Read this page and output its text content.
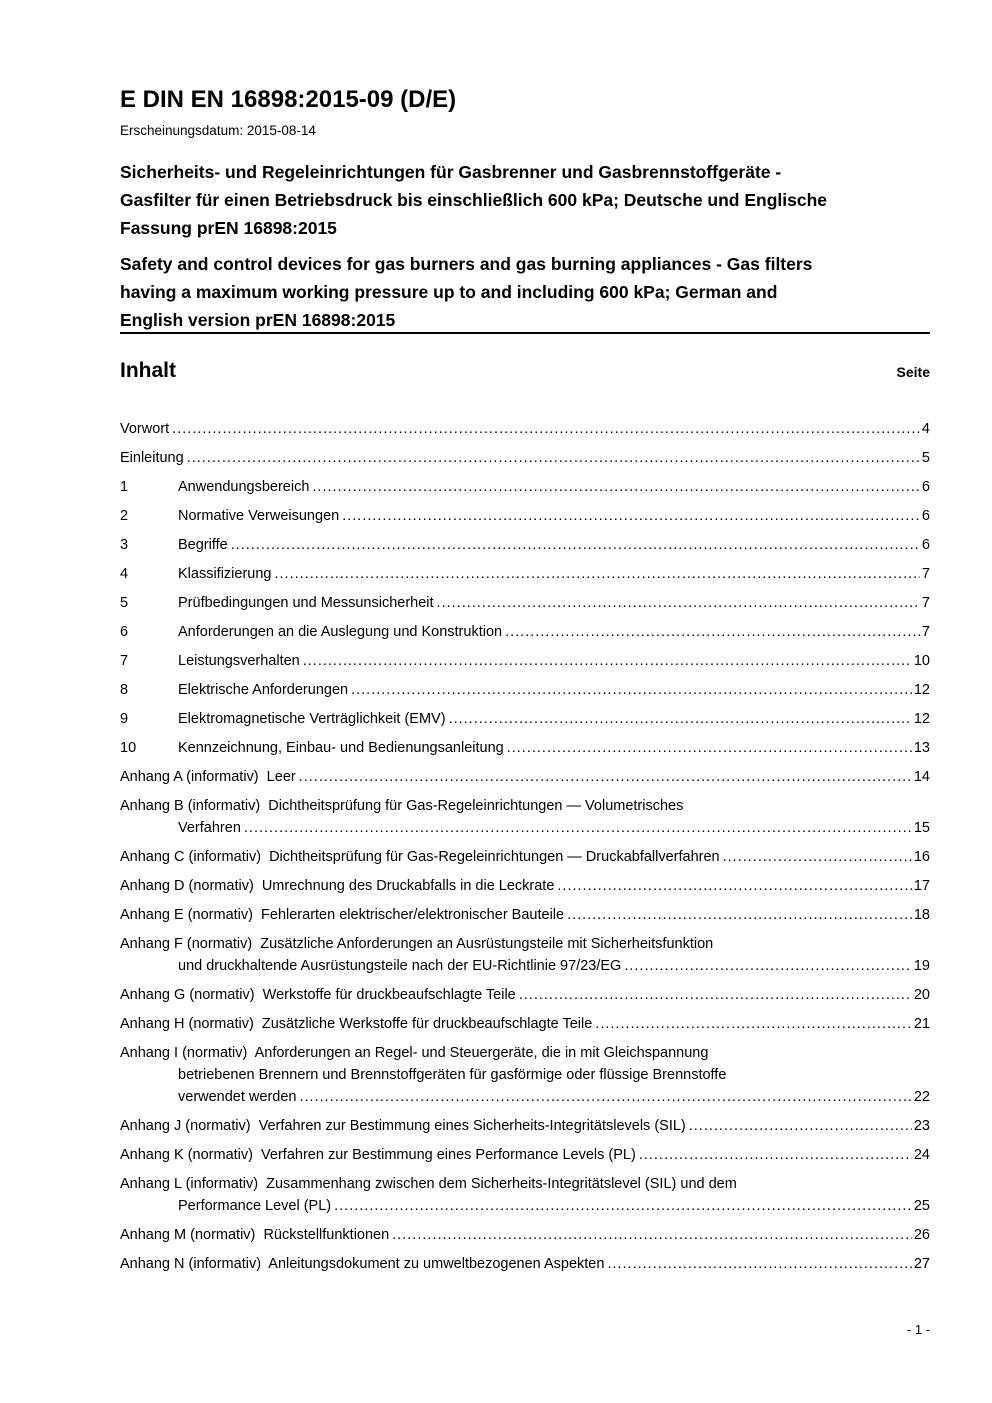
E DIN EN 16898:2015-09 (D/E)
Erscheinungsdatum: 2015-08-14
Sicherheits- und Regeleinrichtungen für Gasbrenner und Gasbrennstoffgeräte -
Gasfilter für einen Betriebsdruck bis einschließlich 600 kPa; Deutsche und Englische
Fassung prEN 16898:2015
Safety and control devices for gas burners and gas burning appliances - Gas filters
having a maximum working pressure up to and including 600 kPa; German and
English version prEN 16898:2015
Inhalt	Seite
Vorwort .....	4
Einleitung .....	5
1	Anwendungsbereich .....	6
2	Normative Verweisungen .....	6
3	Begriffe .....	6
4	Klassifizierung .....	7
5	Prüfbedingungen und Messunsicherheit .....	7
6	Anforderungen an die Auslegung und Konstruktion .....	7
7	Leistungsverhalten .....	10
8	Elektrische Anforderungen .....	12
9	Elektromagnetische Verträglichkeit (EMV) .....	12
10	Kennzeichnung, Einbau- und Bedienungsanleitung .....	13
Anhang A (informativ)  Leer .....	14
Anhang B (informativ)  Dichtheitsprüfung für Gas-Regeleinrichtungen — Volumetrisches
Verfahren .....	15
Anhang C (informativ)  Dichtheitsprüfung für Gas-Regeleinrichtungen — Druckabfallverfahren .....	16
Anhang D (normativ)  Umrechnung des Druckabfalls in die Leckrate .....	17
Anhang E (normativ)  Fehlerarten elektrischer/elektronischer Bauteile .....	18
Anhang F (normativ)  Zusätzliche Anforderungen an Ausrüstungsteile mit Sicherheitsfunktion
und druckhaltende Ausrüstungsteile nach der EU-Richtlinie 97/23/EG .....	19
Anhang G (normativ)  Werkstoffe für druckbeaufschlagte Teile .....	20
Anhang H (normativ)  Zusätzliche Werkstoffe für druckbeaufschlagte Teile .....	21
Anhang I (normativ)  Anforderungen an Regel- und Steuergeräte, die in mit Gleichspannung
betriebenen Brennern und Brennstoffgeräten für gasförmige oder flüssige Brennstoffe
verwendet werden .....	22
Anhang J (normativ)  Verfahren zur Bestimmung eines Sicherheits-Integritätslevels (SIL) .....	23
Anhang K (normativ)  Verfahren zur Bestimmung eines Performance Levels (PL) .....	24
Anhang L (informativ)  Zusammenhang zwischen dem Sicherheits-Integritätslevel (SIL) und dem
Performance Level (PL) .....	25
Anhang M (normativ)  Rückstellfunktionen .....	26
Anhang N (informativ)  Anleitungsdokument zu umweltbezogenen Aspekten .....	27
- 1 -
